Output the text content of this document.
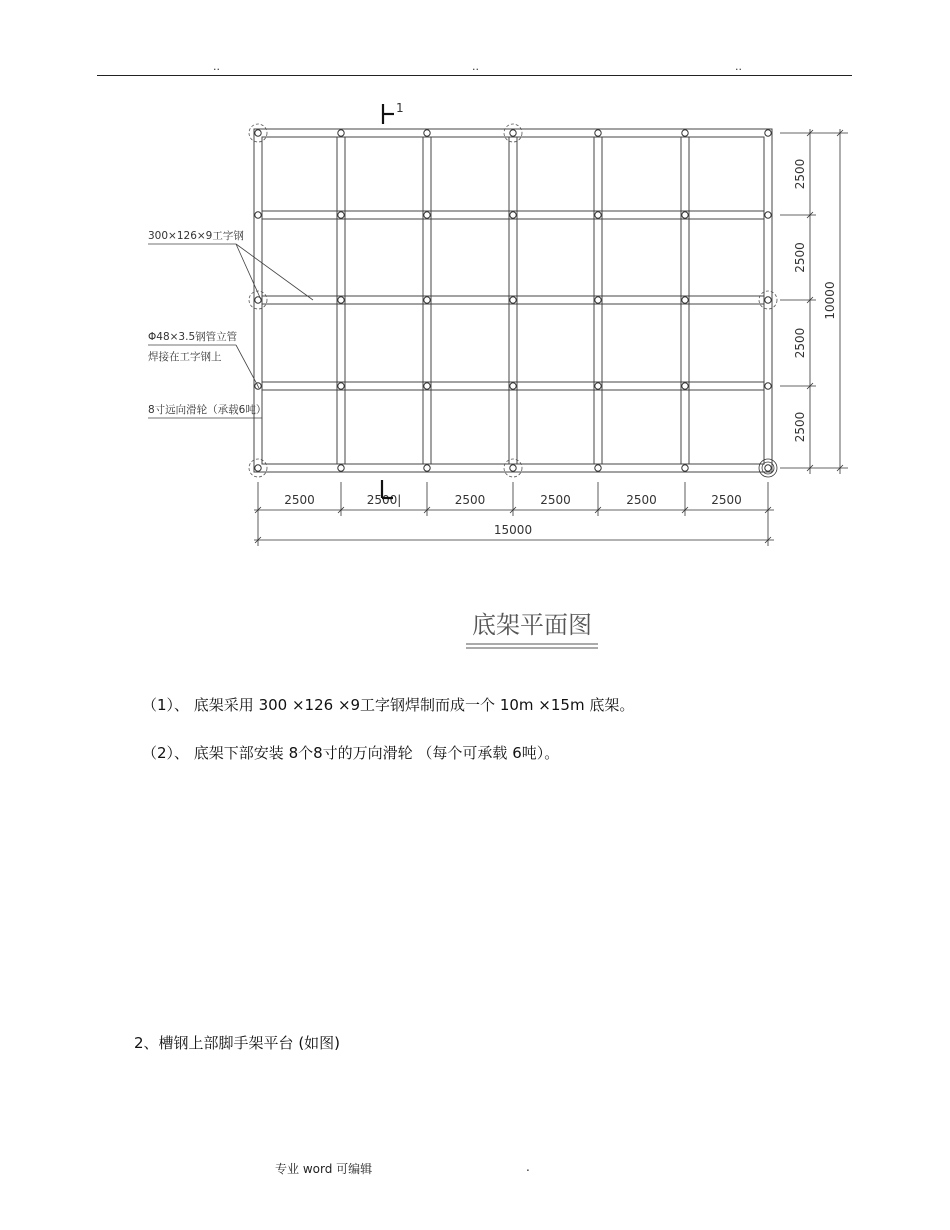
..	..	..
2500	2500|	2500	2500	2500	2500
15000
2500
2500
2500
2500
10000
1
300×126×9工字钢
Φ48×3.5钢管立管
焊接在工字钢上
8寸远向滑轮（承载6吨）
底架平面图
（1）、 底架采用 300 ×126 ×9工字钢焊制而成一个 10m ×15m 底架。
（2）、 底架下部安装 8个8寸的万向滑轮 （每个可承载 6吨）。
2、槽钢上部脚手架平台 (如图)
专业 word 可编辑	.
